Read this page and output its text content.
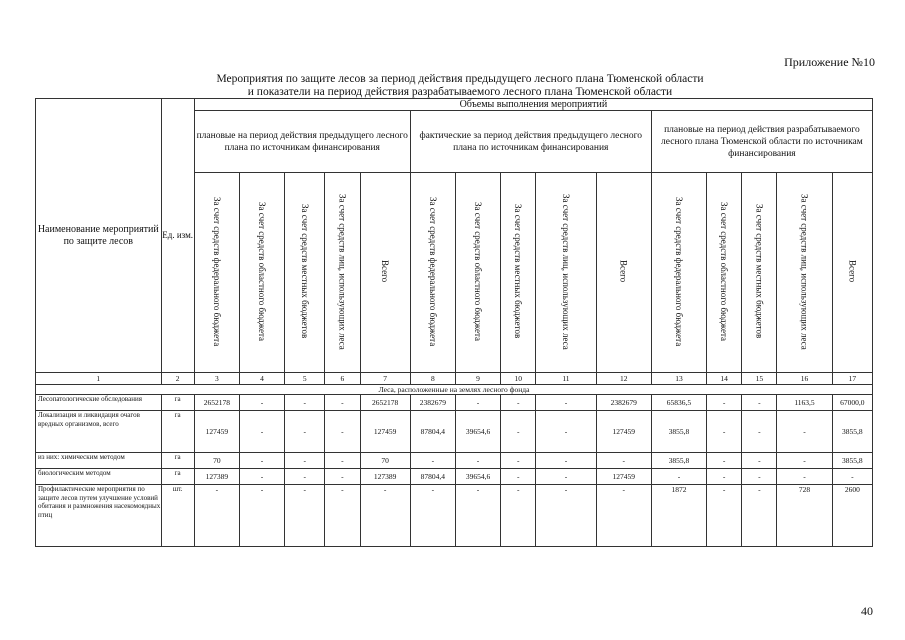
Приложение №10
Мероприятия по защите лесов за период действия предыдущего лесного плана Тюменской области
и показатели на период действия разрабатываемого лесного плана Тюменской области
Наименование мероприятий по защите лесов	Ед. изм.	Объемы выполнения мероприятий														
		плановые на период действия предыдущего лесного плана по источникам финансирования					фактические за период действия предыдущего лесного плана по источникам финансирования					плановые на период действия разрабатываемого лесного плана Тюменской области по источникам финансирования				
		За счет средств федерального бюджета	За счет средств областного бюджета	За счет средств местных бюджетов	За счет средств лиц, использующих леса	Всего	За счет средств федерального бюджета	За счет средств областного бюджета	За счет средств местных бюджетов	За счет средств лиц, использующих леса	Всего	За счет средств федерального бюджета	За счет средств областного бюджета	За счет средств местных бюджетов	За счет средств лиц, использующих леса	Всего
1	2	3	4	5	6	7	8	9	10	11	12	13	14	15	16	17
Леса, расположенные на землях лесного фонда																
Лесопатологические обследования	га	2652178	-	-	-	2652178	2382679	-	-	-	2382679	65836,5	-	-	1163,5	67000,0
Локализация и ликвидация очагов вредных организмов, всего	га	127459	-	-	-	127459	87804,4	39654,6	-	-	127459	3855,8	-	-	-	3855,8
из них: химическим методом	га	70	-	-	-	70	-	-	-	-	-	3855,8	-	-	-	3855,8
биологическим методом	га	127389	-	-	-	127389	87804,4	39654,6	-	-	127459	-	-	-	-	-
Профилактические мероприятия по защите лесов путем улучшение условий обитания и размножения насекомоядных птиц	шт.	-	-	-	-	-	-	-	-	-	-	1872	-	-	728	2600
40
